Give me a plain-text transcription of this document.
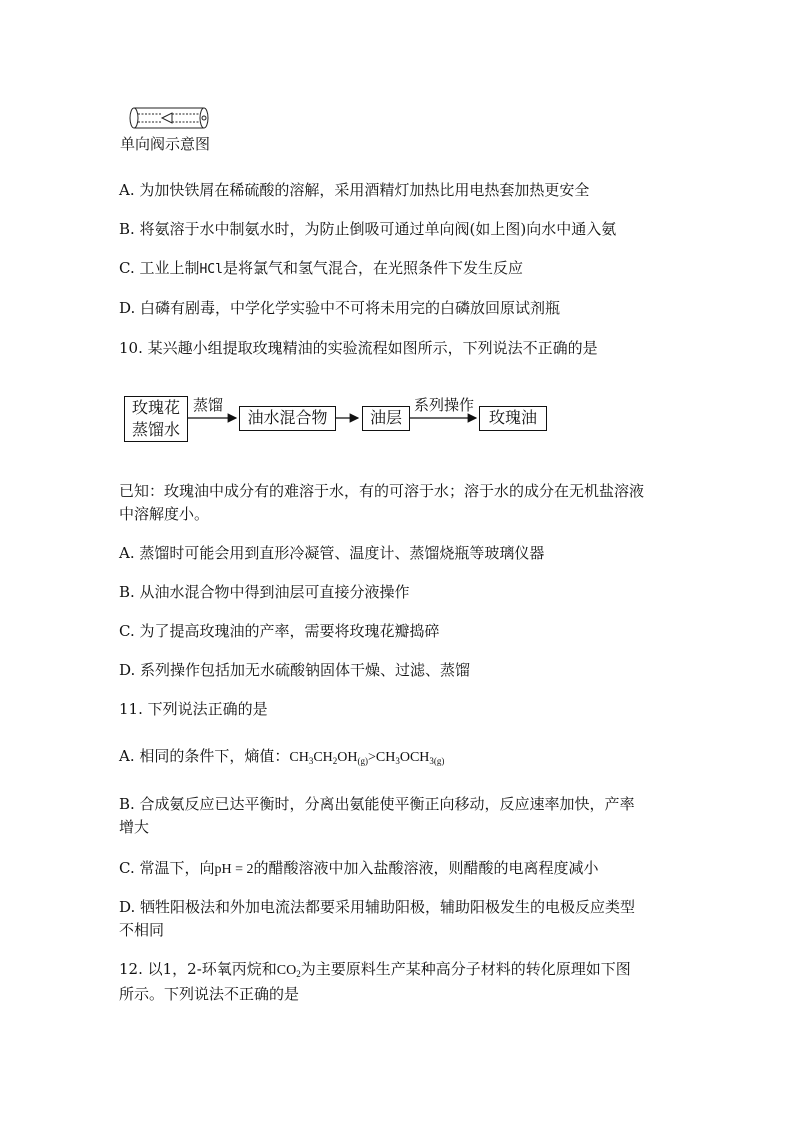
单向阀示意图
A. 为加快铁屑在稀硫酸的溶解，采用酒精灯加热比用电热套加热更安全
B. 将氨溶于水中制氨水时，为防止倒吸可通过单向阀(如上图)向水中通入氨
C. 工业上制HCl是将氯气和氢气混合，在光照条件下发生反应
D. 白磷有剧毒，中学化学实验中不可将未用完的白磷放回原试剂瓶
10. 某兴趣小组提取玫瑰精油的实验流程如图所示，下列说法不正确的是
玫瑰花
蒸馏水
蒸馏
油水混合物	油层
系列操作
玫瑰油
已知：玫瑰油中成分有的难溶于水，有的可溶于水；溶于水的成分在无机盐溶液
中溶解度小。
A. 蒸馏时可能会用到直形冷凝管、温度计、蒸馏烧瓶等玻璃仪器
B. 从油水混合物中得到油层可直接分液操作
C. 为了提高玫瑰油的产率，需要将玫瑰花瓣捣碎
D. 系列操作包括加无水硫酸钠固体干燥、过滤、蒸馏
11. 下列说法正确的是
A. 相同的条件下，熵值：$CH_3CH_2OH_{(g)}>CH_3OCH_{3(g)}$
B. 合成氨反应已达平衡时，分离出氨能使平衡正向移动，反应速率加快，产率
增大
C. 常温下，向pH = 2的醋酸溶液中加入盐酸溶液，则醋酸的电离程度减小
D. 牺牲阳极法和外加电流法都要采用辅助阳极，辅助阳极发生的电极反应类型
不相同
12. 以1，2-环氧丙烷和$CO_2$为主要原料生产某种高分子材料的转化原理如下图
所示。下列说法不正确的是
